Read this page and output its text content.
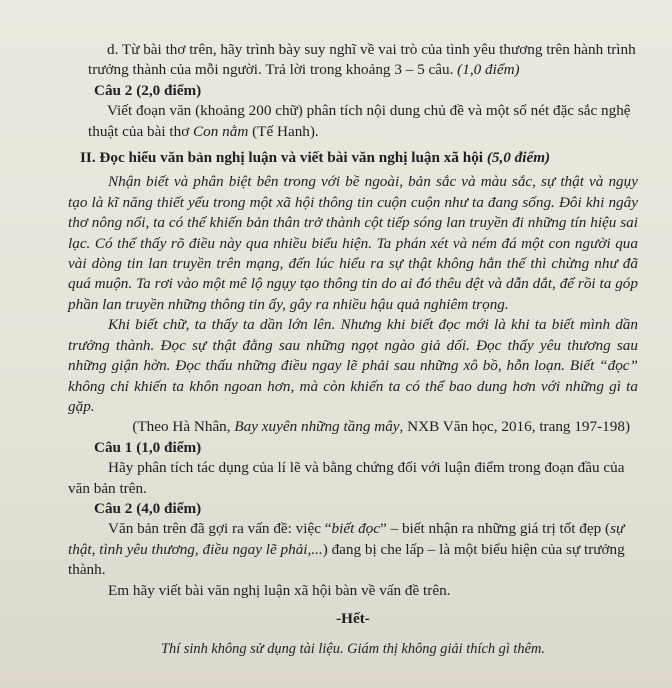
d. Từ bài thơ trên, hãy trình bày suy nghĩ về vai trò của tình yêu thương trên hành trình trưởng thành của mỗi người. Trả lời trong khoảng 3 – 5 câu. (1,0 điểm)

Câu 2 (2,0 điểm)

Viết đoạn văn (khoảng 200 chữ) phân tích nội dung chủ đề và một số nét đặc sắc nghệ thuật của bài thơ Con nằm (Tế Hanh).

II. Đọc hiểu văn bản nghị luận và viết bài văn nghị luận xã hội (5,0 điểm)

Nhận biết và phân biệt bên trong với bề ngoài, bản sắc và màu sắc, sự thật và ngụy tạo là kĩ năng thiết yếu trong một xã hội thông tin cuộn cuộn như ta đang sống. Đôi khi ngây thơ nông nổi, ta có thể khiến bản thân trở thành cột tiếp sóng lan truyền đi những tín hiệu sai lạc. Có thể thấy rõ điều này qua nhiều biểu hiện. Ta phán xét và ném đá một con người qua vài dòng tin lan truyền trên mạng, đến lúc hiểu ra sự thật không hẳn thế thì chừng như đã quá muộn. Ta rơi vào một mê lộ ngụy tạo thông tin do ai đó thêu dệt và dẫn dắt, để rồi ta góp phần lan truyền những thông tin ấy, gây ra nhiều hậu quả nghiêm trọng.

Khi biết chữ, ta thấy ta dần lớn lên. Nhưng khi biết đọc mới là khi ta biết mình dần trưởng thành. Đọc sự thật đằng sau những ngọt ngào giả dối. Đọc thấy yêu thương sau những giận hờn. Đọc thấu những điều ngay lẽ phải sau những xô bồ, hỗn loạn. Biết “đọc” không chỉ khiến ta khôn ngoan hơn, mà còn khiến ta có thể bao dung hơn với những gì ta gặp.

(Theo Hà Nhân, Bay xuyên những tầng mây, NXB Văn học, 2016, trang 197-198)

Câu 1 (1,0 điểm)

Hãy phân tích tác dụng của lí lẽ và bằng chứng đối với luận điểm trong đoạn đầu của văn bản trên.

Câu 2 (4,0 điểm)

Văn bản trên đã gợi ra vấn đề: việc “biết đọc” – biết nhận ra những giá trị tốt đẹp (sự thật, tình yêu thương, điều ngay lẽ phải,...) đang bị che lấp – là một biểu hiện của sự trưởng thành.

Em hãy viết bài văn nghị luận xã hội bàn về vấn đề trên.

-Hết-

Thí sinh không sử dụng tài liệu. Giám thị không giải thích gì thêm.
